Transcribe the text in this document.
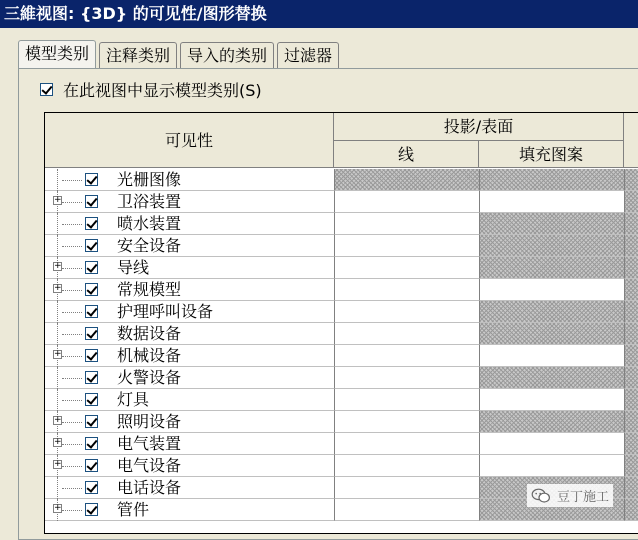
三維视图: {3D} 的可见性/图形替换
模型类别	注释类别	导入的类别	过滤器
在此视图中显示模型类别(S)
可见性
投影/表面
线	填充图案
光栅图像
+	卫浴装置
喷水装置
安全设备
+	导线
+	常规模型
护理呼叫设备
数据设备
+	机械设备
火警设备
灯具
+	照明设备
+	电气装置
+	电气设备
电话设备
+	管件
豆丁施工
